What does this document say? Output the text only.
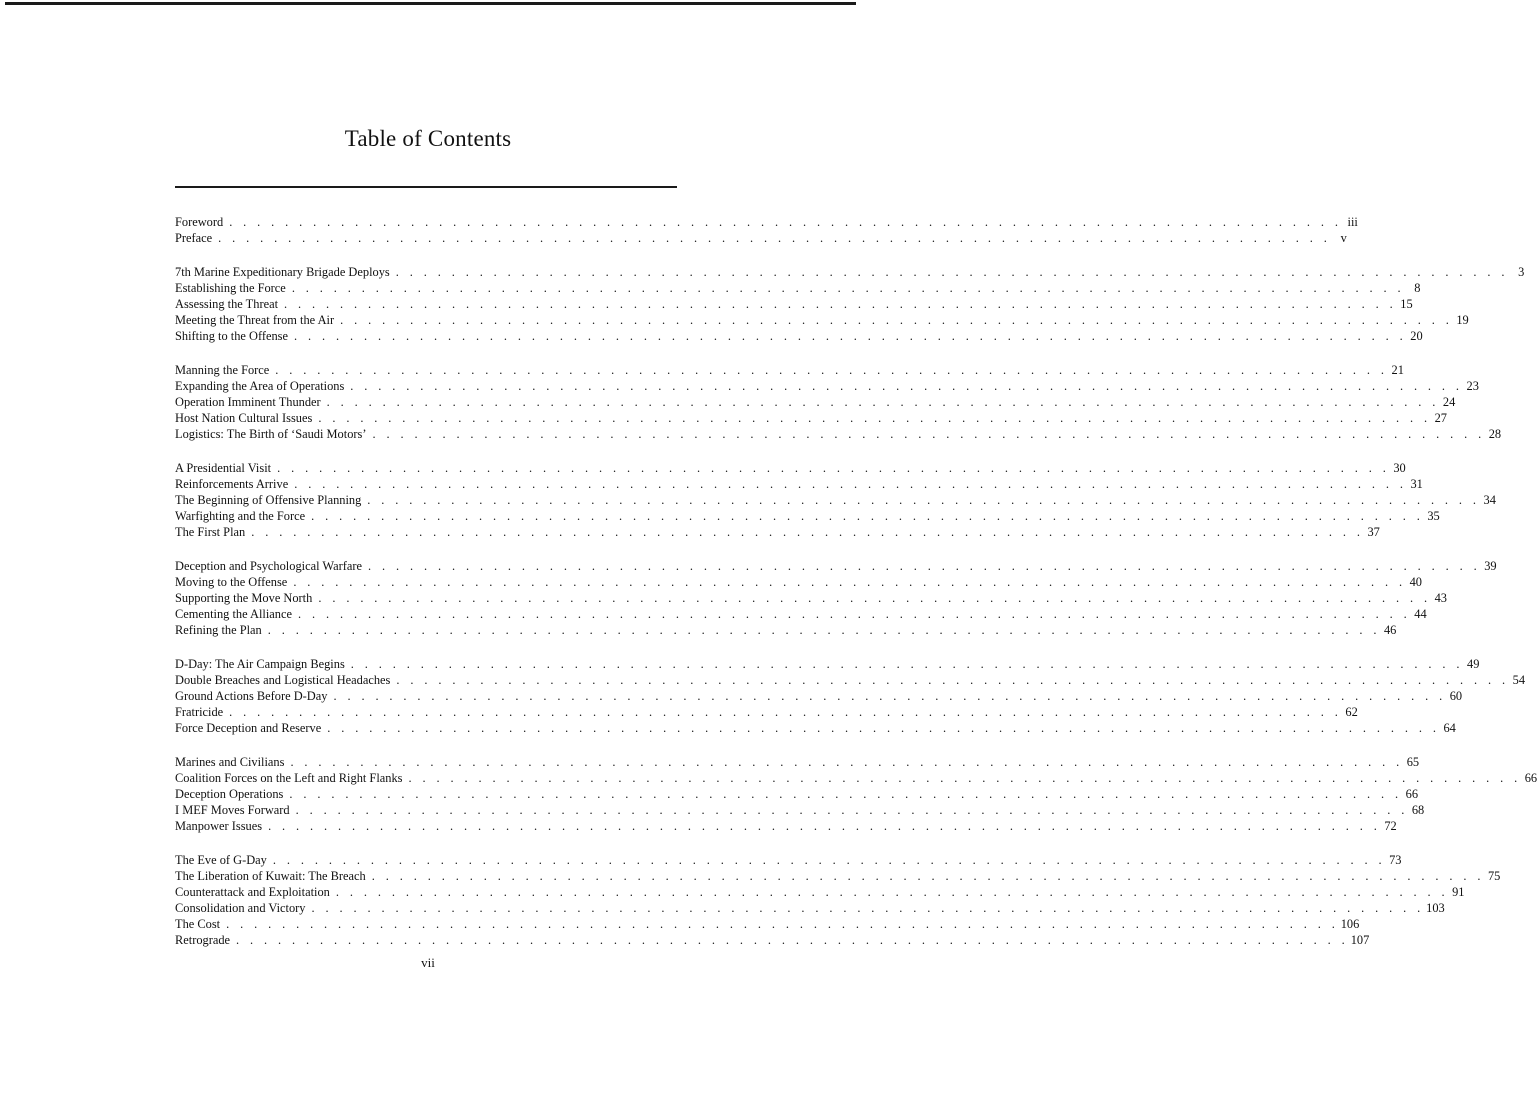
Table of Contents
Foreword . . . . . . . . . . . . . . . . . . . . . . . . . . . . . . . . . . . . . . . . . . . . . . . . . . . . . . . . . . . . . . . . . . . . . . . . . . . . . . . . iii
Preface . . . . . . . . . . . . . . . . . . . . . . . . . . . . . . . . . . . . . . . . . . . . . . . . . . . . . . . . . . . . . . . . . . . . . . . . . . . . . . . . v
7th Marine Expeditionary Brigade Deploys . . . . . . . . . . . . . . . . . . . . . . . . . . . . . . . . . . . . . . . . . . . . . . . . . . . . . . . . . . . . . . . . . . . . . . . . . . . . . . . . 3
Establishing the Force . . . . . . . . . . . . . . . . . . . . . . . . . . . . . . . . . . . . . . . . . . . . . . . . . . . . . . . . . . . . . . . . . . . . . . . . . . . . . . . . 8
Assessing the Threat . . . . . . . . . . . . . . . . . . . . . . . . . . . . . . . . . . . . . . . . . . . . . . . . . . . . . . . . . . . . . . . . . . . . . . . . . . . . . . . . 15
Meeting the Threat from the Air . . . . . . . . . . . . . . . . . . . . . . . . . . . . . . . . . . . . . . . . . . . . . . . . . . . . . . . . . . . . . . . . . . . . . . . . . . . . . . . . 19
Shifting to the Offense . . . . . . . . . . . . . . . . . . . . . . . . . . . . . . . . . . . . . . . . . . . . . . . . . . . . . . . . . . . . . . . . . . . . . . . . . . . . . . . . 20
Manning the Force . . . . . . . . . . . . . . . . . . . . . . . . . . . . . . . . . . . . . . . . . . . . . . . . . . . . . . . . . . . . . . . . . . . . . . . . . . . . . . . . 21
Expanding the Area of Operations . . . . . . . . . . . . . . . . . . . . . . . . . . . . . . . . . . . . . . . . . . . . . . . . . . . . . . . . . . . . . . . . . . . . . . . . . . . . . . . . 23
Operation Imminent Thunder . . . . . . . . . . . . . . . . . . . . . . . . . . . . . . . . . . . . . . . . . . . . . . . . . . . . . . . . . . . . . . . . . . . . . . . . . . . . . . . . 24
Host Nation Cultural Issues . . . . . . . . . . . . . . . . . . . . . . . . . . . . . . . . . . . . . . . . . . . . . . . . . . . . . . . . . . . . . . . . . . . . . . . . . . . . . . . . 27
Logistics: The Birth of ‘Saudi Motors’ . . . . . . . . . . . . . . . . . . . . . . . . . . . . . . . . . . . . . . . . . . . . . . . . . . . . . . . . . . . . . . . . . . . . . . . . . . . . . . . . 28
A Presidential Visit . . . . . . . . . . . . . . . . . . . . . . . . . . . . . . . . . . . . . . . . . . . . . . . . . . . . . . . . . . . . . . . . . . . . . . . . . . . . . . . . 30
Reinforcements Arrive . . . . . . . . . . . . . . . . . . . . . . . . . . . . . . . . . . . . . . . . . . . . . . . . . . . . . . . . . . . . . . . . . . . . . . . . . . . . . . . . 31
The Beginning of Offensive Planning . . . . . . . . . . . . . . . . . . . . . . . . . . . . . . . . . . . . . . . . . . . . . . . . . . . . . . . . . . . . . . . . . . . . . . . . . . . . . . . . 34
Warfighting and the Force . . . . . . . . . . . . . . . . . . . . . . . . . . . . . . . . . . . . . . . . . . . . . . . . . . . . . . . . . . . . . . . . . . . . . . . . . . . . . . . . 35
The First Plan . . . . . . . . . . . . . . . . . . . . . . . . . . . . . . . . . . . . . . . . . . . . . . . . . . . . . . . . . . . . . . . . . . . . . . . . . . . . . . . . 37
Deception and Psychological Warfare . . . . . . . . . . . . . . . . . . . . . . . . . . . . . . . . . . . . . . . . . . . . . . . . . . . . . . . . . . . . . . . . . . . . . . . . . . . . . . . . 39
Moving to the Offense . . . . . . . . . . . . . . . . . . . . . . . . . . . . . . . . . . . . . . . . . . . . . . . . . . . . . . . . . . . . . . . . . . . . . . . . . . . . . . . . 40
Supporting the Move North . . . . . . . . . . . . . . . . . . . . . . . . . . . . . . . . . . . . . . . . . . . . . . . . . . . . . . . . . . . . . . . . . . . . . . . . . . . . . . . . 43
Cementing the Alliance . . . . . . . . . . . . . . . . . . . . . . . . . . . . . . . . . . . . . . . . . . . . . . . . . . . . . . . . . . . . . . . . . . . . . . . . . . . . . . . . 44
Refining the Plan . . . . . . . . . . . . . . . . . . . . . . . . . . . . . . . . . . . . . . . . . . . . . . . . . . . . . . . . . . . . . . . . . . . . . . . . . . . . . . . . 46
D-Day: The Air Campaign Begins . . . . . . . . . . . . . . . . . . . . . . . . . . . . . . . . . . . . . . . . . . . . . . . . . . . . . . . . . . . . . . . . . . . . . . . . . . . . . . . . 49
Double Breaches and Logistical Headaches . . . . . . . . . . . . . . . . . . . . . . . . . . . . . . . . . . . . . . . . . . . . . . . . . . . . . . . . . . . . . . . . . . . . . . . . . . . . . . . . 54
Ground Actions Before D-Day . . . . . . . . . . . . . . . . . . . . . . . . . . . . . . . . . . . . . . . . . . . . . . . . . . . . . . . . . . . . . . . . . . . . . . . . . . . . . . . . 60
Fratricide . . . . . . . . . . . . . . . . . . . . . . . . . . . . . . . . . . . . . . . . . . . . . . . . . . . . . . . . . . . . . . . . . . . . . . . . . . . . . . . . 62
Force Deception and Reserve . . . . . . . . . . . . . . . . . . . . . . . . . . . . . . . . . . . . . . . . . . . . . . . . . . . . . . . . . . . . . . . . . . . . . . . . . . . . . . . . 64
Marines and Civilians . . . . . . . . . . . . . . . . . . . . . . . . . . . . . . . . . . . . . . . . . . . . . . . . . . . . . . . . . . . . . . . . . . . . . . . . . . . . . . . . 65
Coalition Forces on the Left and Right Flanks . . . . . . . . . . . . . . . . . . . . . . . . . . . . . . . . . . . . . . . . . . . . . . . . . . . . . . . . . . . . . . . . . . . . . . . . . . . . . . . . 66
Deception Operations . . . . . . . . . . . . . . . . . . . . . . . . . . . . . . . . . . . . . . . . . . . . . . . . . . . . . . . . . . . . . . . . . . . . . . . . . . . . . . . . 66
I MEF Moves Forward . . . . . . . . . . . . . . . . . . . . . . . . . . . . . . . . . . . . . . . . . . . . . . . . . . . . . . . . . . . . . . . . . . . . . . . . . . . . . . . . 68
Manpower Issues . . . . . . . . . . . . . . . . . . . . . . . . . . . . . . . . . . . . . . . . . . . . . . . . . . . . . . . . . . . . . . . . . . . . . . . . . . . . . . . . 72
The Eve of G-Day . . . . . . . . . . . . . . . . . . . . . . . . . . . . . . . . . . . . . . . . . . . . . . . . . . . . . . . . . . . . . . . . . . . . . . . . . . . . . . . . 73
The Liberation of Kuwait: The Breach . . . . . . . . . . . . . . . . . . . . . . . . . . . . . . . . . . . . . . . . . . . . . . . . . . . . . . . . . . . . . . . . . . . . . . . . . . . . . . . . 75
Counterattack and Exploitation . . . . . . . . . . . . . . . . . . . . . . . . . . . . . . . . . . . . . . . . . . . . . . . . . . . . . . . . . . . . . . . . . . . . . . . . . . . . . . . . 91
Consolidation and Victory . . . . . . . . . . . . . . . . . . . . . . . . . . . . . . . . . . . . . . . . . . . . . . . . . . . . . . . . . . . . . . . . . . . . . . . . . . . . . . . . 103
The Cost . . . . . . . . . . . . . . . . . . . . . . . . . . . . . . . . . . . . . . . . . . . . . . . . . . . . . . . . . . . . . . . . . . . . . . . . . . . . . . . . 106
Retrograde . . . . . . . . . . . . . . . . . . . . . . . . . . . . . . . . . . . . . . . . . . . . . . . . . . . . . . . . . . . . . . . . . . . . . . . . . . . . . . . . 107
vii
